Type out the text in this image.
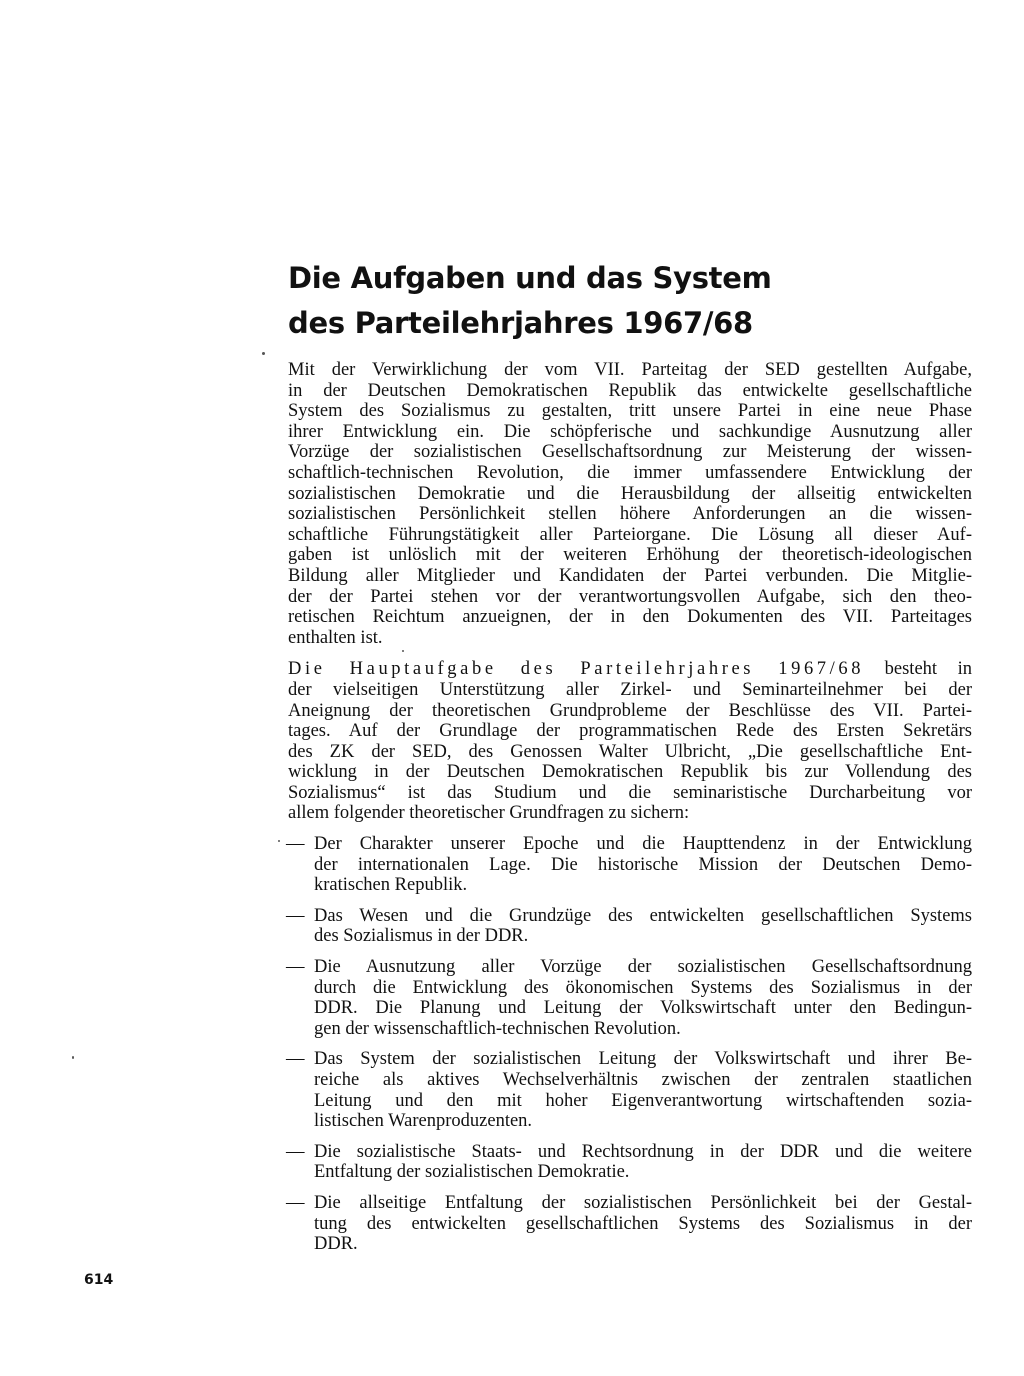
Die Aufgaben und das System
des Parteilehrjahres 1967/68

Mit der Verwirklichung der vom VII. Parteitag der SED gestellten Aufgabe,
in der Deutschen Demokratischen Republik das entwickelte gesellschaftliche
System des Sozialismus zu gestalten, tritt unsere Partei in eine neue Phase
ihrer Entwicklung ein. Die schöpferische und sachkundige Ausnutzung aller
Vorzüge der sozialistischen Gesellschaftsordnung zur Meisterung der wissen-
schaftlich-technischen Revolution, die immer umfassendere Entwicklung der
sozialistischen Demokratie und die Herausbildung der allseitig entwickelten
sozialistischen Persönlichkeit stellen höhere Anforderungen an die wissen-
schaftliche Führungstätigkeit aller Parteiorgane. Die Lösung all dieser Auf-
gaben ist unlöslich mit der weiteren Erhöhung der theoretisch-ideologischen
Bildung aller Mitglieder und Kandidaten der Partei verbunden. Die Mitglie-
der der Partei stehen vor der verantwortungsvollen Aufgabe, sich den theo-
retischen Reichtum anzueignen, der in den Dokumenten des VII. Parteitages
enthalten ist.

Die Hauptaufgabe des Parteilehrjahres 1967/68 besteht in
der vielseitigen Unterstützung aller Zirkel- und Seminarteilnehmer bei der
Aneignung der theoretischen Grundprobleme der Beschlüsse des VII. Partei-
tages. Auf der Grundlage der programmatischen Rede des Ersten Sekretärs
des ZK der SED, des Genossen Walter Ulbricht, „Die gesellschaftliche Ent-
wicklung in der Deutschen Demokratischen Republik bis zur Vollendung des
Sozialismus“ ist das Studium und die seminaristische Durcharbeitung vor
allem folgender theoretischer Grundfragen zu sichern:

— Der Charakter unserer Epoche und die Haupttendenz in der Entwicklung
der internationalen Lage. Die historische Mission der Deutschen Demo-
kratischen Republik.
— Das Wesen und die Grundzüge des entwickelten gesellschaftlichen Systems
des Sozialismus in der DDR.
— Die Ausnutzung aller Vorzüge der sozialistischen Gesellschaftsordnung
durch die Entwicklung des ökonomischen Systems des Sozialismus in der
DDR. Die Planung und Leitung der Volkswirtschaft unter den Bedingun-
gen der wissenschaftlich-technischen Revolution.
— Das System der sozialistischen Leitung der Volkswirtschaft und ihrer Be-
reiche als aktives Wechselverhältnis zwischen der zentralen staatlichen
Leitung und den mit hoher Eigenverantwortung wirtschaftenden sozia-
listischen Warenproduzenten.
— Die sozialistische Staats- und Rechtsordnung in der DDR und die weitere
Entfaltung der sozialistischen Demokratie.
— Die allseitige Entfaltung der sozialistischen Persönlichkeit bei der Gestal-
tung des entwickelten gesellschaftlichen Systems des Sozialismus in der
DDR.
614
